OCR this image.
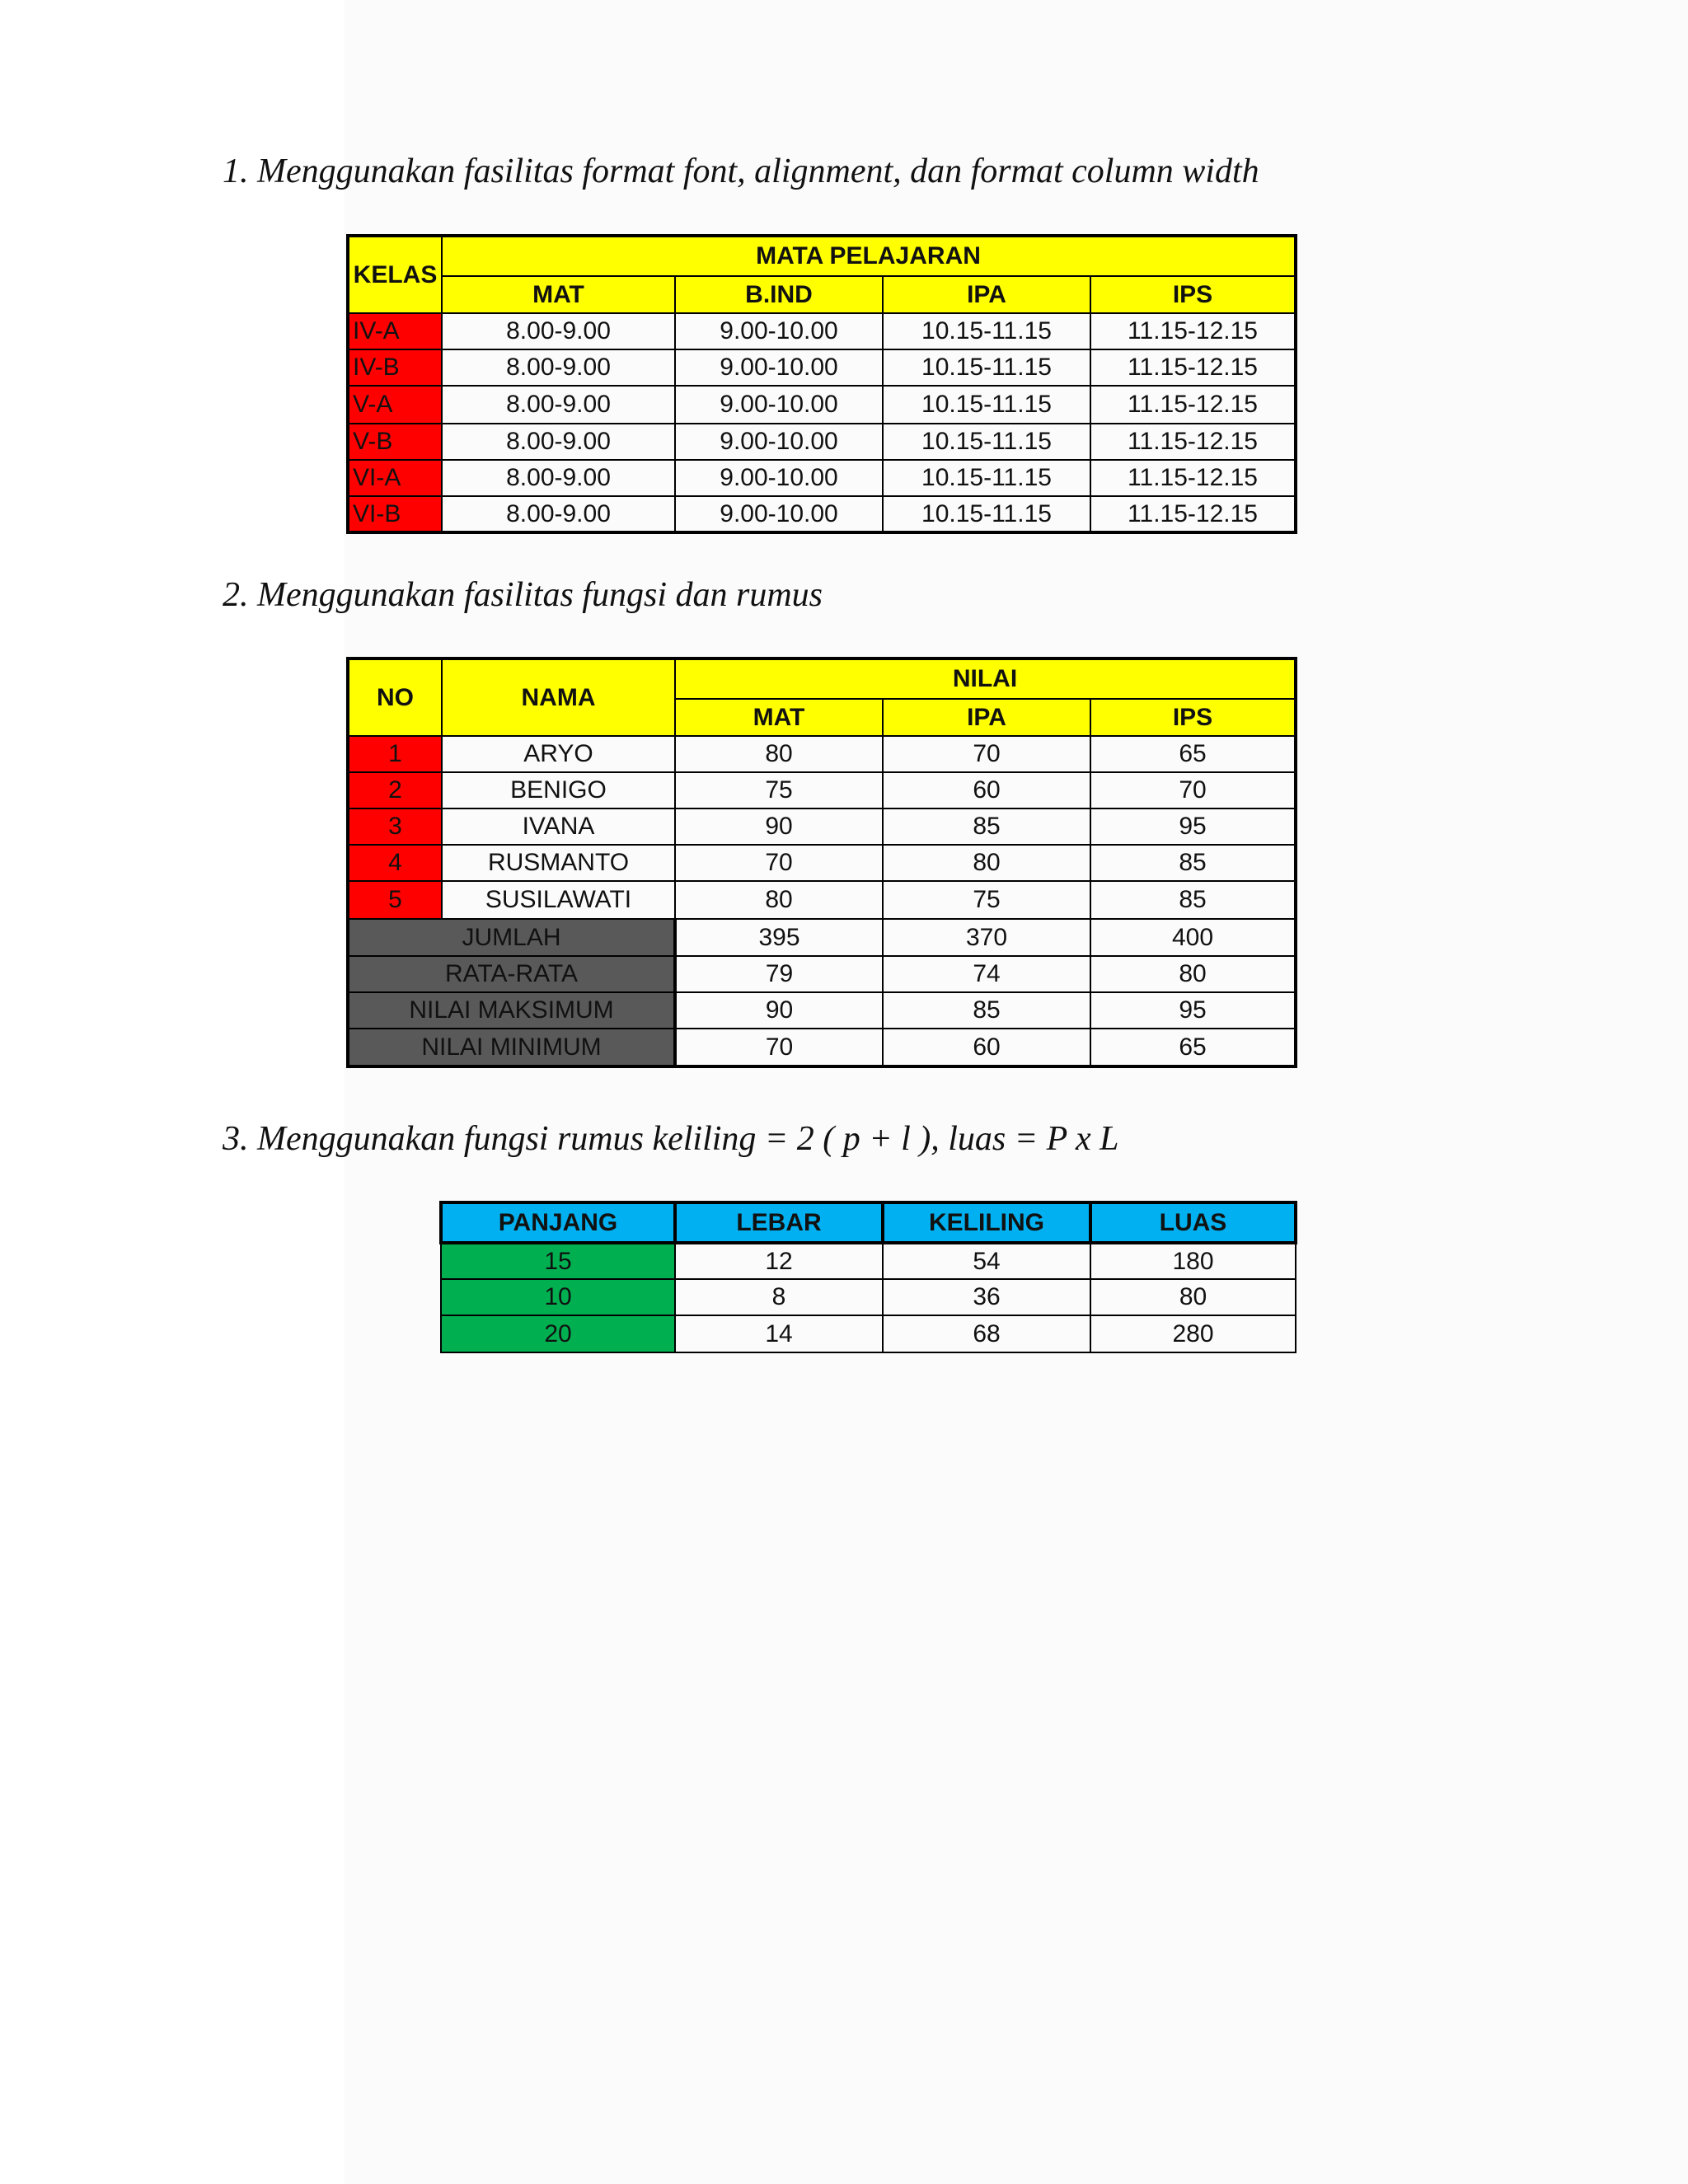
1. Menggunakan fasilitas format font, alignment, dan format column width
KELAS	MATA PELAJARAN			
	MAT	B.IND	IPA	IPS
IV-A	8.00-9.00	9.00-10.00	10.15-11.15	11.15-12.15
IV-B	8.00-9.00	9.00-10.00	10.15-11.15	11.15-12.15
V-A	8.00-9.00	9.00-10.00	10.15-11.15	11.15-12.15
V-B	8.00-9.00	9.00-10.00	10.15-11.15	11.15-12.15
VI-A	8.00-9.00	9.00-10.00	10.15-11.15	11.15-12.15
VI-B	8.00-9.00	9.00-10.00	10.15-11.15	11.15-12.15
2. Menggunakan fasilitas fungsi dan rumus
NO	NAMA	NILAI		
		MAT	IPA	IPS
1	ARYO	80	70	65
2	BENIGO	75	60	70
3	IVANA	90	85	95
4	RUSMANTO	70	80	85
5	SUSILAWATI	80	75	85
JUMLAH		395	370	400
RATA-RATA		79	74	80
NILAI MAKSIMUM		90	85	95
NILAI MINIMUM		70	60	65
3. Menggunakan fungsi rumus keliling = 2 ( p + l ), luas = P x L
PANJANG	LEBAR	KELILING	LUAS
15	12	54	180
10	8	36	80
20	14	68	280
